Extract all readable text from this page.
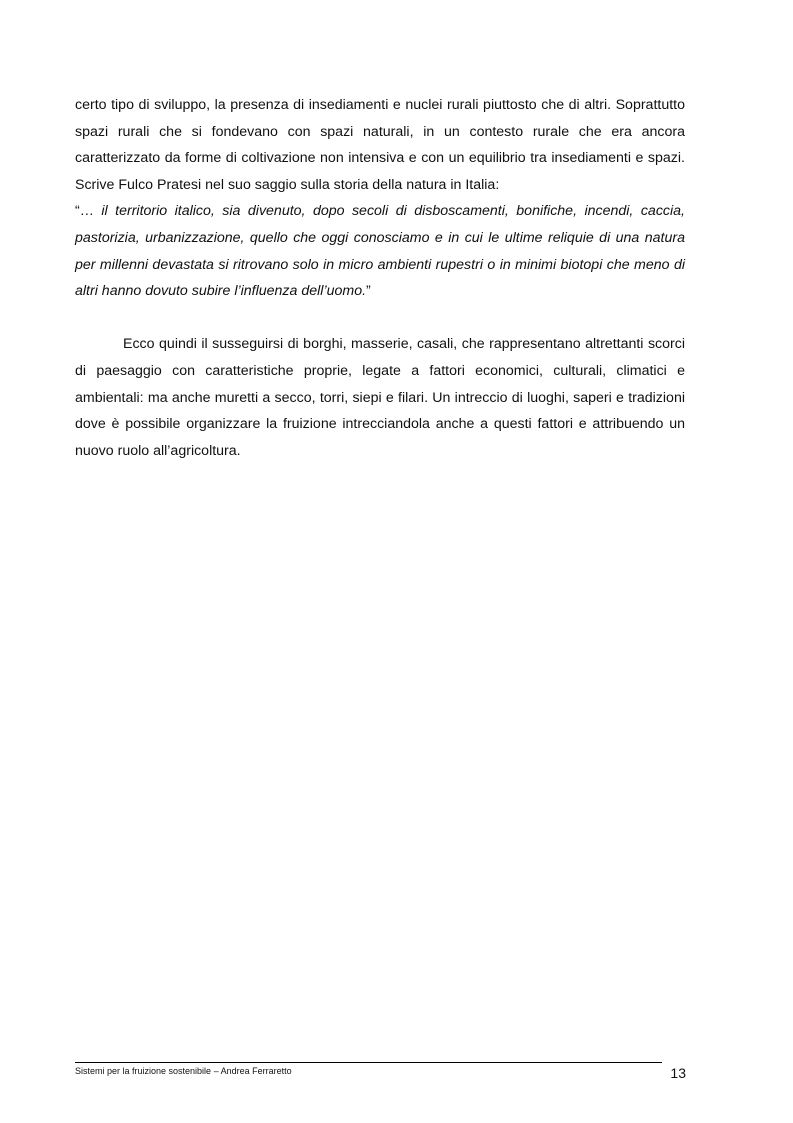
certo tipo di sviluppo, la presenza di insediamenti e nuclei rurali piuttosto che di altri. Soprattutto spazi rurali che si fondevano con spazi naturali, in un contesto rurale che era ancora caratterizzato da forme di coltivazione non intensiva e con un equilibrio tra insediamenti e spazi. Scrive Fulco Pratesi nel suo saggio sulla storia della natura in Italia:

“… il territorio italico, sia divenuto, dopo secoli di disboscamenti, bonifiche, incendi, caccia, pastorizia, urbanizzazione, quello che oggi conosciamo e in cui le ultime reliquie di una natura per millenni devastata si ritrovano solo in micro ambienti rupestri o in minimi biotopi che meno di altri hanno dovuto subire l’influenza dell’uomo.”

Ecco quindi il susseguirsi di borghi, masserie, casali, che rappresentano altrettanti scorci di paesaggio con caratteristiche proprie, legate a fattori economici, culturali, climatici e ambientali: ma anche muretti a secco, torri, siepi e filari. Un intreccio di luoghi, saperi e tradizioni dove è possibile organizzare la fruizione intrecciandola anche a questi fattori e attribuendo un nuovo ruolo all’agricoltura.

Sistemi per la fruizione sostenibile – Andrea Ferraretto	13
